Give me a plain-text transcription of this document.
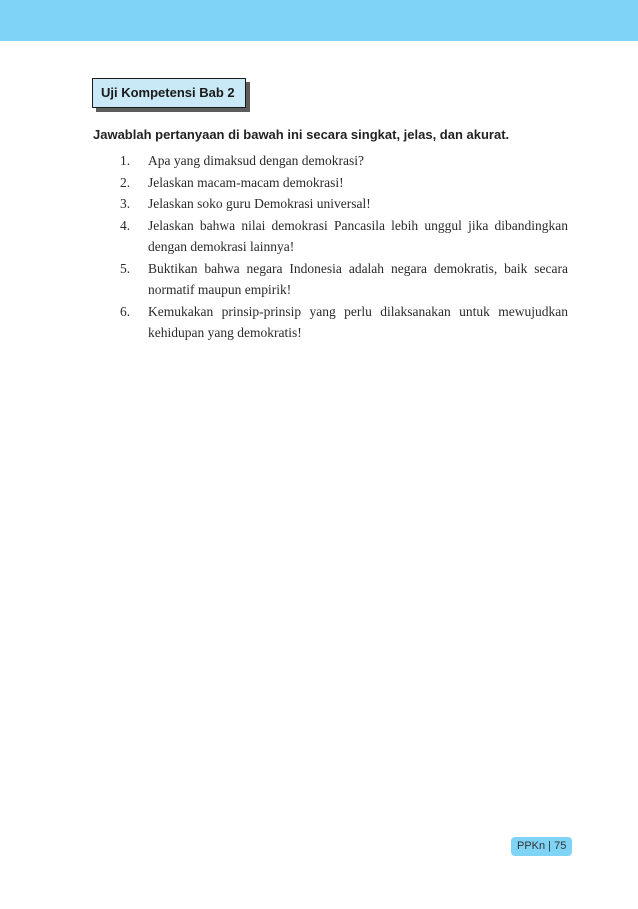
Uji Kompetensi Bab 2
Jawablah pertanyaan di bawah ini secara singkat, jelas, dan akurat.
1.	Apa yang dimaksud dengan demokrasi?
2.	Jelaskan macam-macam demokrasi!
3.	Jelaskan soko guru Demokrasi universal!
4.	Jelaskan bahwa nilai demokrasi Pancasila lebih unggul jika dibandingkan dengan demokrasi lainnya!
5.	Buktikan bahwa negara Indonesia adalah negara demokratis, baik secara normatif maupun empirik!
6.	Kemukakan prinsip-prinsip yang perlu dilaksanakan untuk mewujudkan kehidupan yang demokratis!
PPKn | 75
